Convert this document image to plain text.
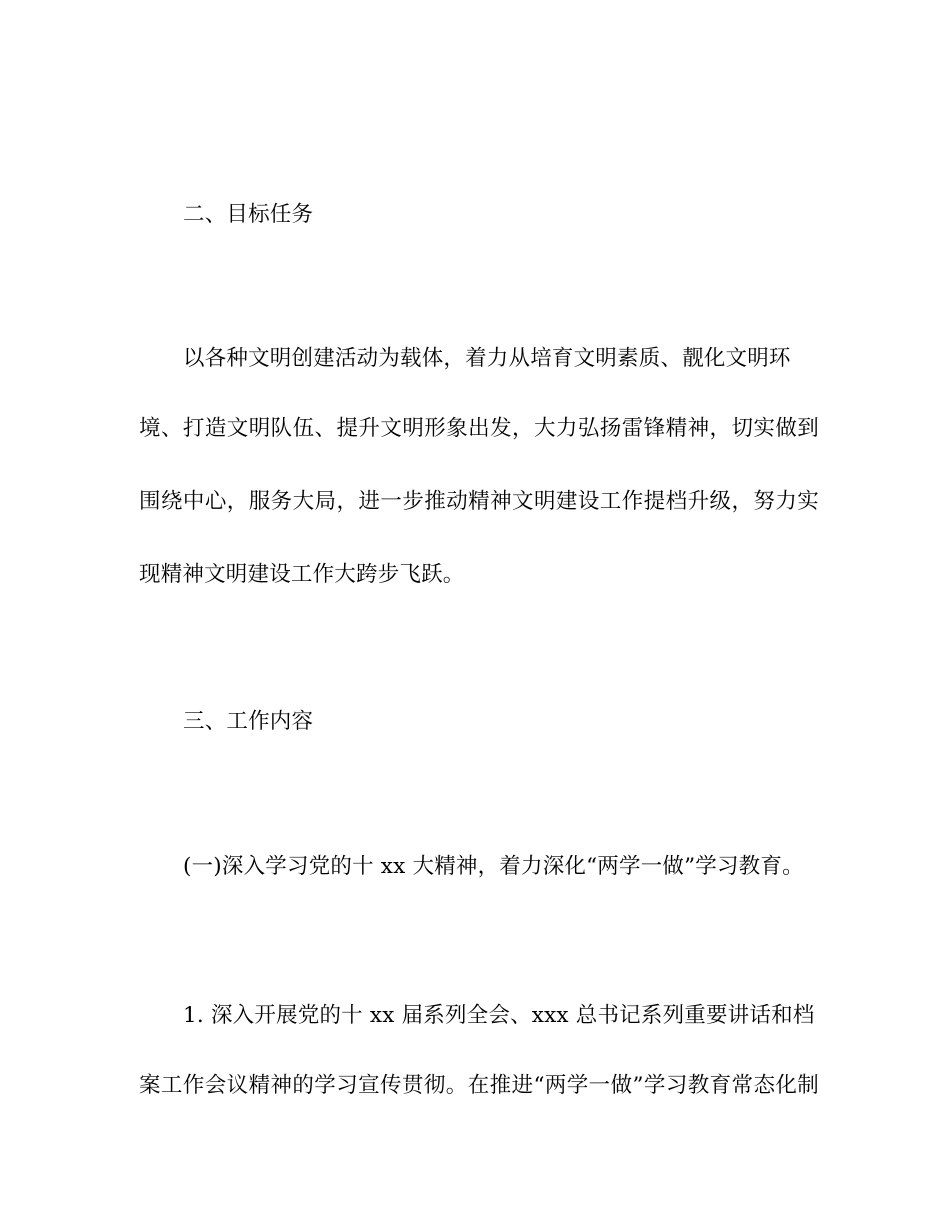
二、目标任务
以各种文明创建活动为载体，着力从培育文明素质、靓化文明环
境、打造文明队伍、提升文明形象出发，大力弘扬雷锋精神，切实做到
围绕中心，服务大局，进一步推动精神文明建设工作提档升级，努力实
现精神文明建设工作大跨步飞跃。
三、工作内容
(一)深入学习党的十 xx 大精神，着力深化“两学一做”学习教育。
1. 深入开展党的十 xx 届系列全会、xxx 总书记系列重要讲话和档
案工作会议精神的学习宣传贯彻。在推进“两学一做”学习教育常态化制
